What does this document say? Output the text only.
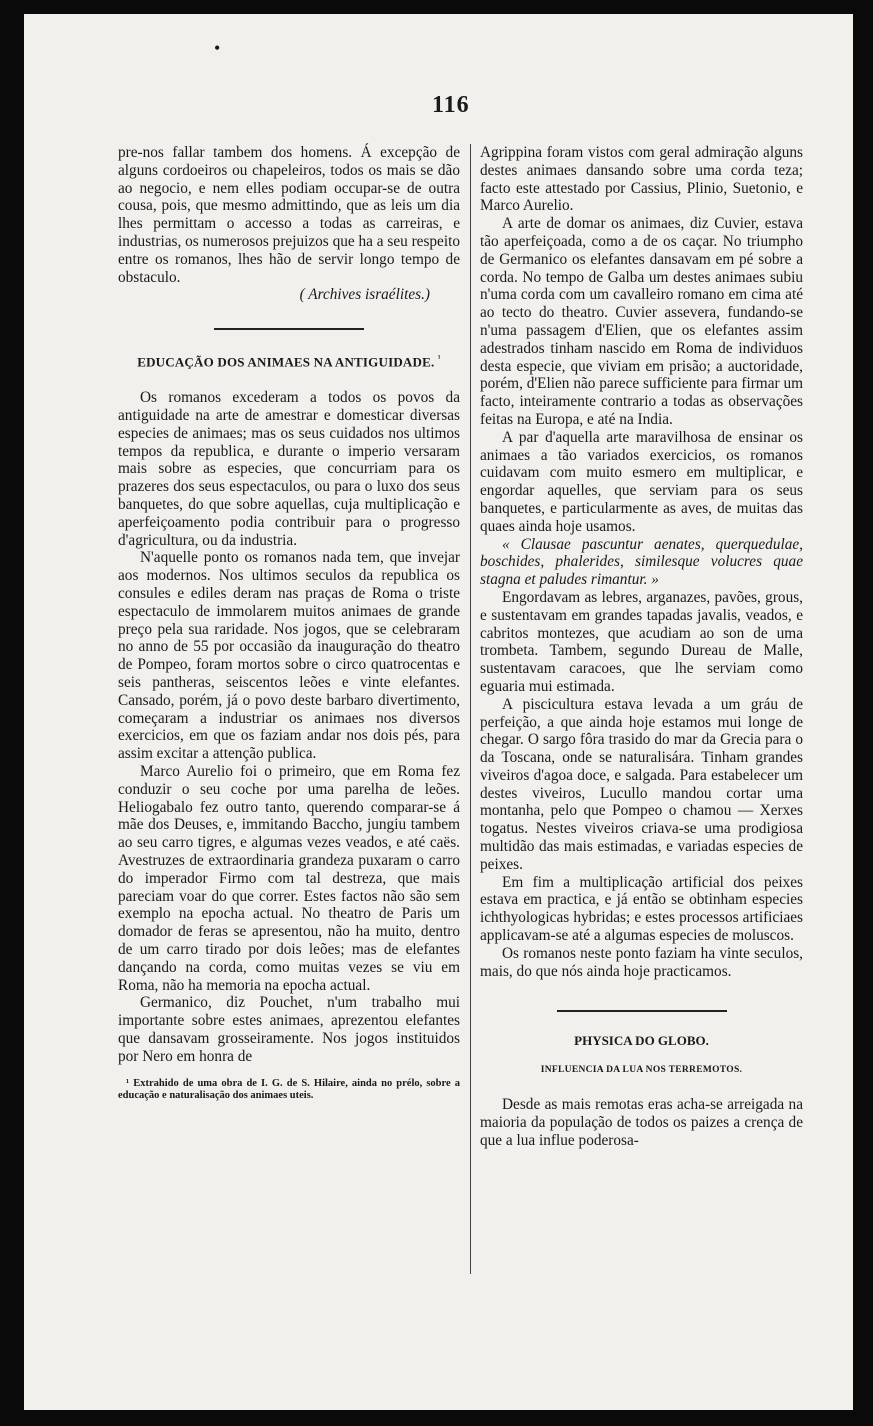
•
116

pre-nos fallar tambem dos homens. Á excepção de alguns cordoeiros ou chapeleiros, todos os mais se dão ao negocio, e nem elles podiam occupar-se de outra cousa, pois, que mesmo admittindo, que as leis um dia lhes permittam o accesso a todas as carreiras, e industrias, os numerosos prejuizos que ha a seu respeito entre os romanos, lhes hão de servir longo tempo de obstaculo.

( Archives israélites.)
EDUCAÇÃO DOS ANIMAES NA ANTIGUIDADE. $^{^1}$

Os romanos excederam a todos os povos da antiguidade na arte de amestrar e domesticar diversas especies de animaes; mas os seus cuidados nos ultimos tempos da republica, e durante o imperio versaram mais sobre as especies, que concurriam para os prazeres dos seus espectaculos, ou para o luxo dos seus banquetes, do que sobre aquellas, cuja multiplicação e aperfeiçoamento podia contribuir para o progresso d'agricultura, ou da industria.

N'aquelle ponto os romanos nada tem, que invejar aos modernos. Nos ultimos seculos da republica os consules e ediles deram nas praças de Roma o triste espectaculo de immolarem muitos animaes de grande preço pela sua raridade. Nos jogos, que se celebraram no anno de 55 por occasião da inauguração do theatro de Pompeo, foram mortos sobre o circo quatrocentas e seis pantheras, seiscentos leões e vinte elefantes. Cansado, porém, já o povo deste barbaro divertimento, começaram a industriar os animaes nos diversos exercicios, em que os faziam andar nos dois pés, para assim excitar a attenção publica.

Marco Aurelio foi o primeiro, que em Roma fez conduzir o seu coche por uma parelha de leões. Heliogabalo fez outro tanto, querendo comparar-se á mãe dos Deuses, e, immitando Baccho, jungiu tambem ao seu carro tigres, e algumas vezes veados, e até caës. Avestruzes de extraordinaria grandeza puxaram o carro do imperador Firmo com tal destreza, que mais pareciam voar do que correr. Estes factos não são sem exemplo na epocha actual. No theatro de Paris um domador de feras se apresentou, não ha muito, dentro de um carro tirado por dois leões; mas de elefantes dançando na corda, como muitas vezes se viu em Roma, não ha memoria na epocha actual.

Germanico, diz Pouchet, n'um trabalho mui importante sobre estes animaes, aprezentou elefantes que dansavam grosseiramente. Nos jogos instituidos por Nero em honra de

¹ Extrahido de uma obra de I. G. de S. Hilaire, ainda no prélo, sobre a educação e naturalisação dos animaes uteis.

Agrippina foram vistos com geral admiração alguns destes animaes dansando sobre uma corda teza; facto este attestado por Cassius, Plinio, Suetonio, e Marco Aurelio.

A arte de domar os animaes, diz Cuvier, estava tão aperfeiçoada, como a de os caçar. No triumpho de Germanico os elefantes dansavam em pé sobre a corda. No tempo de Galba um destes animaes subiu n'uma corda com um cavalleiro romano em cima até ao tecto do theatro. Cuvier assevera, fundando-se n'uma passagem d'Elien, que os elefantes assim adestrados tinham nascido em Roma de individuos desta especie, que viviam em prisão; a auctoridade, porém, d'Elien não parece sufficiente para firmar um facto, inteiramente contrario a todas as observações feitas na Europa, e até na India.

A par d'aquella arte maravilhosa de ensinar os animaes a tão variados exercicios, os romanos cuidavam com muito esmero em multiplicar, e engordar aquelles, que serviam para os seus banquetes, e particularmente as aves, de muitas das quaes ainda hoje usamos.

« Clausae pascuntur aenates, querquedulae, boschides, phalerides, similesque volucres quae stagna et paludes rimantur. »

Engordavam as lebres, arganazes, pavões, grous, e sustentavam em grandes tapadas javalis, veados, e cabritos montezes, que acudiam ao son de uma trombeta. Tambem, segundo Dureau de Malle, sustentavam caracoes, que lhe serviam como eguaria mui estimada.

A piscicultura estava levada a um gráu de perfeição, a que ainda hoje estamos mui longe de chegar. O sargo fôra trasido do mar da Grecia para o da Toscana, onde se naturalisára. Tinham grandes viveiros d'agoa doce, e salgada. Para estabelecer um destes viveiros, Lucullo mandou cortar uma montanha, pelo que Pompeo o chamou — Xerxes togatus. Nestes viveiros criava-se uma prodigiosa multidão das mais estimadas, e variadas especies de peixes.

Em fim a multiplicação artificial dos peixes estava em practica, e já então se obtinham especies ichthyologicas hybridas; e estes processos artificiaes applicavam-se até a algumas especies de moluscos.

Os romanos neste ponto faziam ha vinte seculos, mais, do que nós ainda hoje practicamos.

PHYSICA DO GLOBO.
INFLUENCIA DA LUA NOS TERREMOTOS.

Desde as mais remotas eras acha-se arreigada na maioria da população de todos os paizes a crença de que a lua influe poderosa-
